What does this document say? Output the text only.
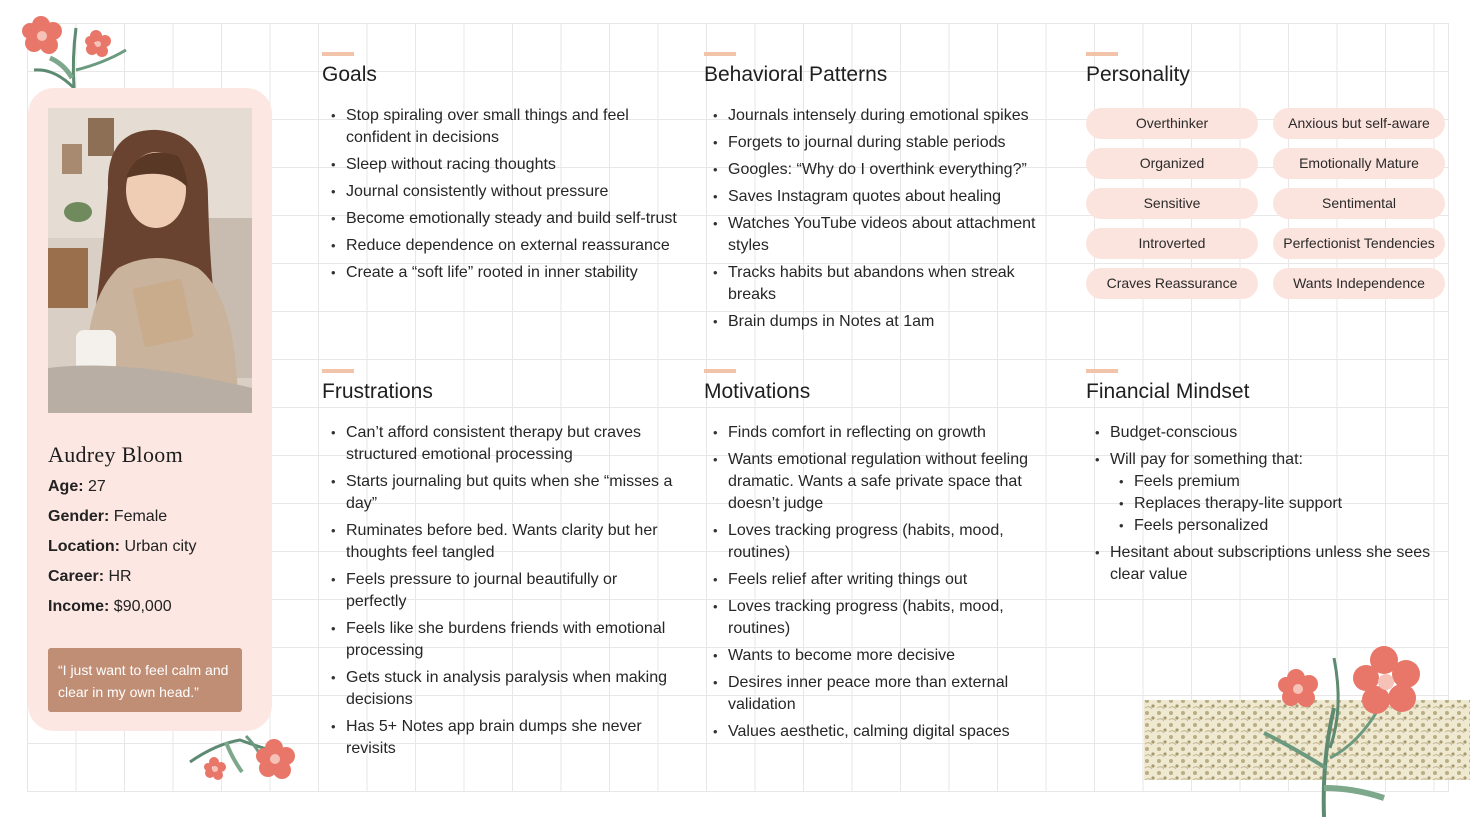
Audrey Bloom

Age: 27

Gender: Female

Location: Urban city

Career: HR

Income: $90,000

“I just want to feel calm and clear in my own head.”

Goals
• Stop spiraling over small things and feel confident in decisions
• Sleep without racing thoughts
• Journal consistently without pressure
• Become emotionally steady and build self-trust
• Reduce dependence on external reassurance
• Create a “soft life” rooted in inner stability
Behavioral Patterns
• Journals intensely during emotional spikes
• Forgets to journal during stable periods
• Googles: “Why do I overthink everything?”
• Saves Instagram quotes about healing
• Watches YouTube videos about attachment styles
• Tracks habits but abandons when streak breaks
• Brain dumps in Notes at 1am
Personality
Overthinker	Anxious but self-aware
Organized	Emotionally Mature
Sensitive	Sentimental
Introverted	Perfectionist Tendencies
Craves Reassurance	Wants Independence
Frustrations
• Can’t afford consistent therapy but craves structured emotional processing
• Starts journaling but quits when she “misses a day”
• Ruminates before bed. Wants clarity but her thoughts feel tangled
• Feels pressure to journal beautifully or perfectly
• Feels like she burdens friends with emotional processing
• Gets stuck in analysis paralysis when making decisions
• Has 5+ Notes app brain dumps she never revisits
Motivations
• Finds comfort in reflecting on growth
• Wants emotional regulation without feeling dramatic. Wants a safe private space that doesn’t judge
• Loves tracking progress (habits, mood, routines)
• Feels relief after writing things out
• Loves tracking progress (habits, mood, routines)
• Wants to become more decisive
• Desires inner peace more than external validation
• Values aesthetic, calming digital spaces
Financial Mindset
• Budget-conscious
• Will pay for something that:
• Feels premium
• Replaces therapy-lite support
• Feels personalized
• Hesitant about subscriptions unless she sees clear value
